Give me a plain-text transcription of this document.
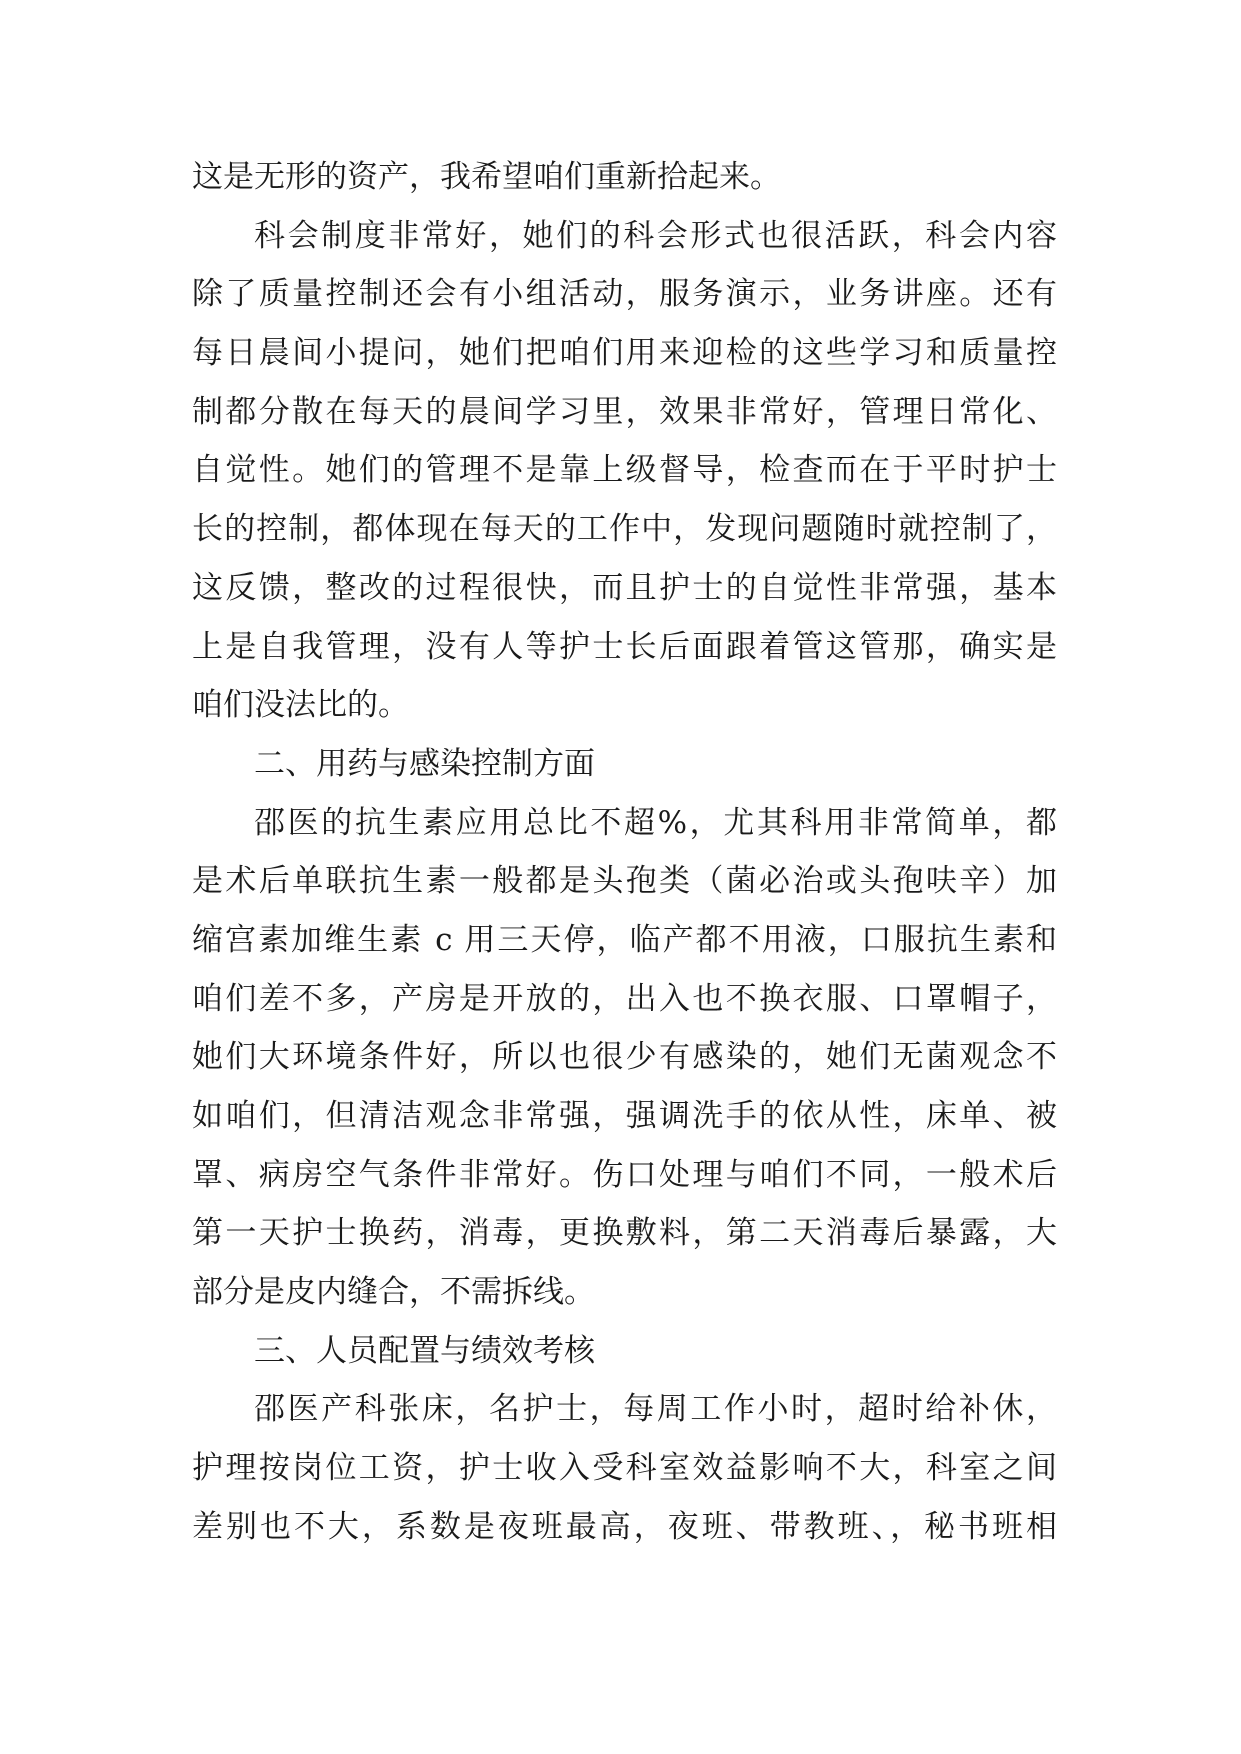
这是无形的资产，我希望咱们重新拾起来。
科会制度非常好，她们的科会形式也很活跃，科会内容
除了质量控制还会有小组活动，服务演示，业务讲座。还有
每日晨间小提问，她们把咱们用来迎检的这些学习和质量控
制都分散在每天的晨间学习里，效果非常好，管理日常化、
自觉性。她们的管理不是靠上级督导，检查而在于平时护士
长的控制，都体现在每天的工作中，发现问题随时就控制了，
这反馈，整改的过程很快，而且护士的自觉性非常强，基本
上是自我管理，没有人等护士长后面跟着管这管那，确实是
咱们没法比的。
二、用药与感染控制方面
邵医的抗生素应用总比不超%，尤其科用非常简单，都
是术后单联抗生素一般都是头孢类（菌必治或头孢呋辛）加
缩宫素加维生素 c 用三天停，临产都不用液，口服抗生素和
咱们差不多，产房是开放的，出入也不换衣服、口罩帽子，
她们大环境条件好，所以也很少有感染的，她们无菌观念不
如咱们，但清洁观念非常强，强调洗手的依从性，床单、被
罩、病房空气条件非常好。伤口处理与咱们不同，一般术后
第一天护士换药，消毒，更换敷料，第二天消毒后暴露，大
部分是皮内缝合，不需拆线。
三、人员配置与绩效考核
邵医产科张床，名护士，每周工作小时，超时给补休，
护理按岗位工资，护士收入受科室效益影响不大，科室之间
差别也不大，系数是夜班最高，夜班、带教班、，秘书班相
